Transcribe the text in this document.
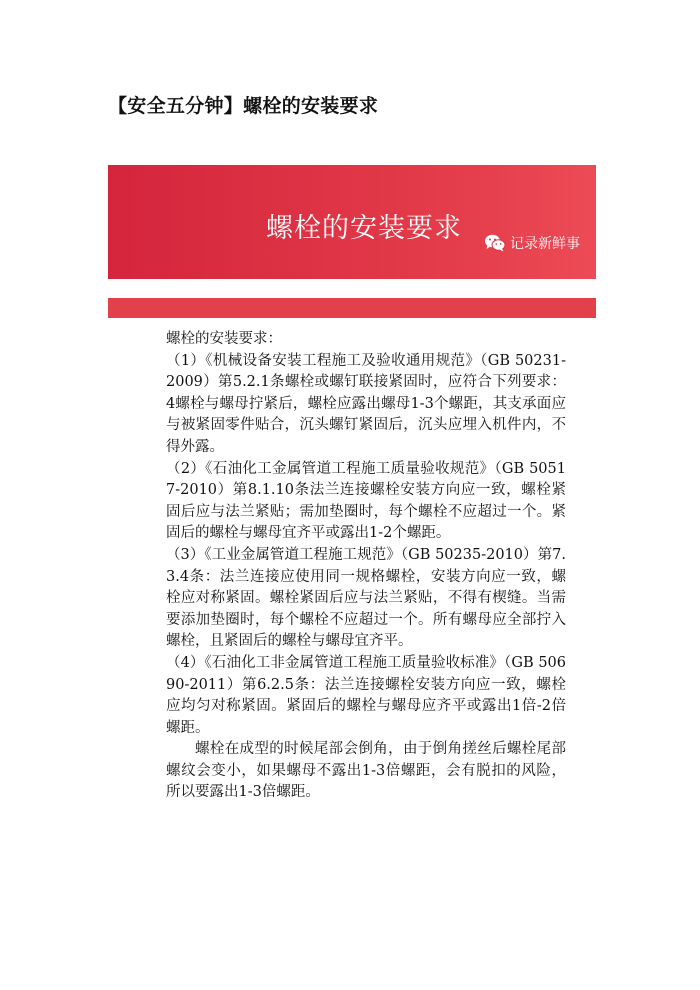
【安全五分钟】螺栓的安装要求
螺栓的安装要求	记录新鲜事

螺栓的安装要求：

（1）《机械设备安装工程施工及验收通用规范》（GB 50231-2009）第5.2.1条螺栓或螺钉联接紧固时，应符合下列要求：4螺栓与螺母拧紧后，螺栓应露出螺母1-3个螺距，其支承面应与被紧固零件贴合，沉头螺钉紧固后，沉头应埋入机件内，不得外露。

（2）《石油化工金属管道工程施工质量验收规范》（GB 50517-2010）第8.1.10条法兰连接螺栓安装方向应一致，螺栓紧固后应与法兰紧贴；需加垫圈时，每个螺栓不应超过一个。紧固后的螺栓与螺母宜齐平或露出1-2个螺距。

（3）《工业金属管道工程施工规范》（GB 50235-2010）第7.3.4条：法兰连接应使用同一规格螺栓，安装方向应一致，螺栓应对称紧固。螺栓紧固后应与法兰紧贴，不得有楔缝。当需要添加垫圈时，每个螺栓不应超过一个。所有螺母应全部拧入螺栓，且紧固后的螺栓与螺母宜齐平。

（4）《石油化工非金属管道工程施工质量验收标准》（GB 50690-2011）第6.2.5条：法兰连接螺栓安装方向应一致，螺栓应均匀对称紧固。紧固后的螺栓与螺母应齐平或露出1倍-2倍螺距。

螺栓在成型的时候尾部会倒角，由于倒角搓丝后螺栓尾部螺纹会变小，如果螺母不露出1-3倍螺距，会有脱扣的风险，所以要露出1-3倍螺距。
